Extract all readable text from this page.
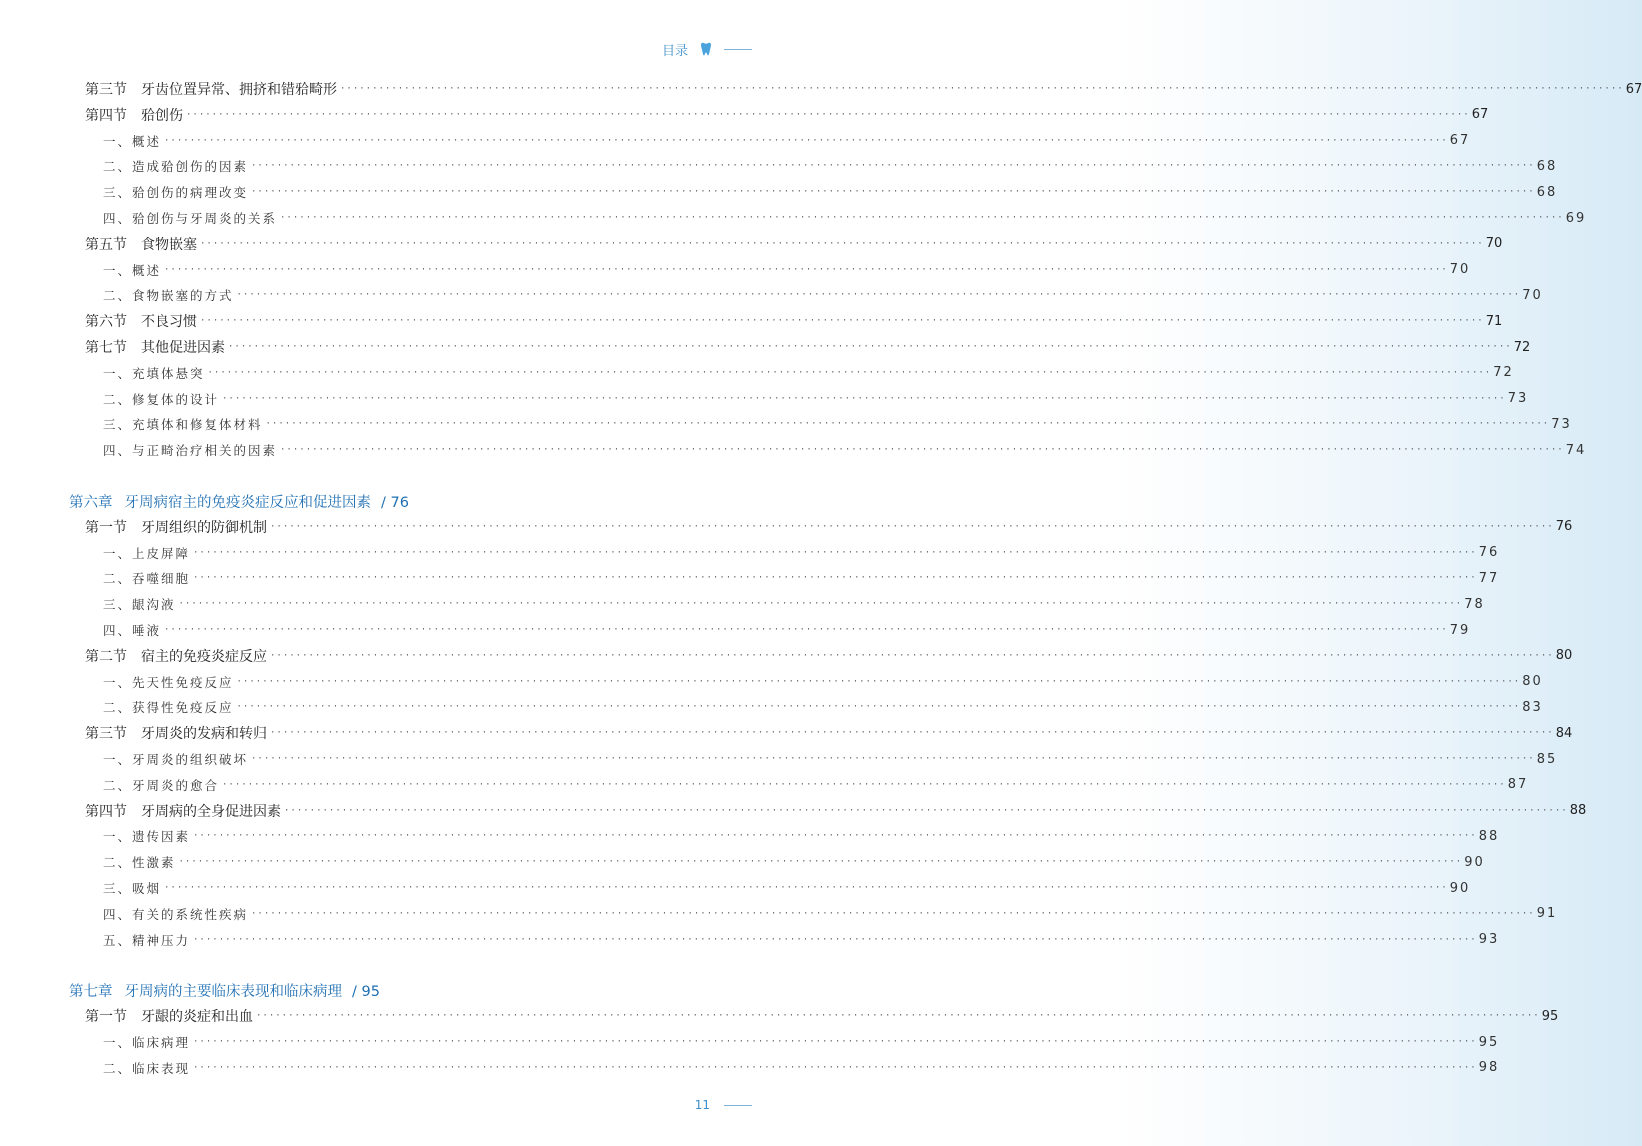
目录
第三节 牙齿位置异常、拥挤和错𬌗畸形 ········································································································································································································ 67
第四节 𬌗创伤 ········································································································································································································ 67
一、概述 ········································································································································································································ 67
二、造成𬌗创伤的因素 ········································································································································································································ 68
三、𬌗创伤的病理改变 ········································································································································································································ 68
四、𬌗创伤与牙周炎的关系 ········································································································································································································ 69
第五节 食物嵌塞 ········································································································································································································ 70
一、概述 ········································································································································································································ 70
二、食物嵌塞的方式 ········································································································································································································ 70
第六节 不良习惯 ········································································································································································································ 71
第七节 其他促进因素 ········································································································································································································ 72
一、充填体悬突 ········································································································································································································ 72
二、修复体的设计 ········································································································································································································ 73
三、充填体和修复体材料 ········································································································································································································ 73
四、与正畸治疗相关的因素 ········································································································································································································ 74
第六章 牙周病宿主的免疫炎症反应和促进因素 / 76
第一节 牙周组织的防御机制 ········································································································································································································ 76
一、上皮屏障 ········································································································································································································ 76
二、吞噬细胞 ········································································································································································································ 77
三、龈沟液 ········································································································································································································ 78
四、唾液 ········································································································································································································ 79
第二节 宿主的免疫炎症反应 ········································································································································································································ 80
一、先天性免疫反应 ········································································································································································································ 80
二、获得性免疫反应 ········································································································································································································ 83
第三节 牙周炎的发病和转归 ········································································································································································································ 84
一、牙周炎的组织破坏 ········································································································································································································ 85
二、牙周炎的愈合 ········································································································································································································ 87
第四节 牙周病的全身促进因素 ········································································································································································································ 88
一、遗传因素 ········································································································································································································ 88
二、性激素 ········································································································································································································ 90
三、吸烟 ········································································································································································································ 90
四、有关的系统性疾病 ········································································································································································································ 91
五、精神压力 ········································································································································································································ 93
第七章 牙周病的主要临床表现和临床病理 / 95
第一节 牙龈的炎症和出血 ········································································································································································································ 95
一、临床病理 ········································································································································································································ 95
二、临床表现 ········································································································································································································ 98
11
